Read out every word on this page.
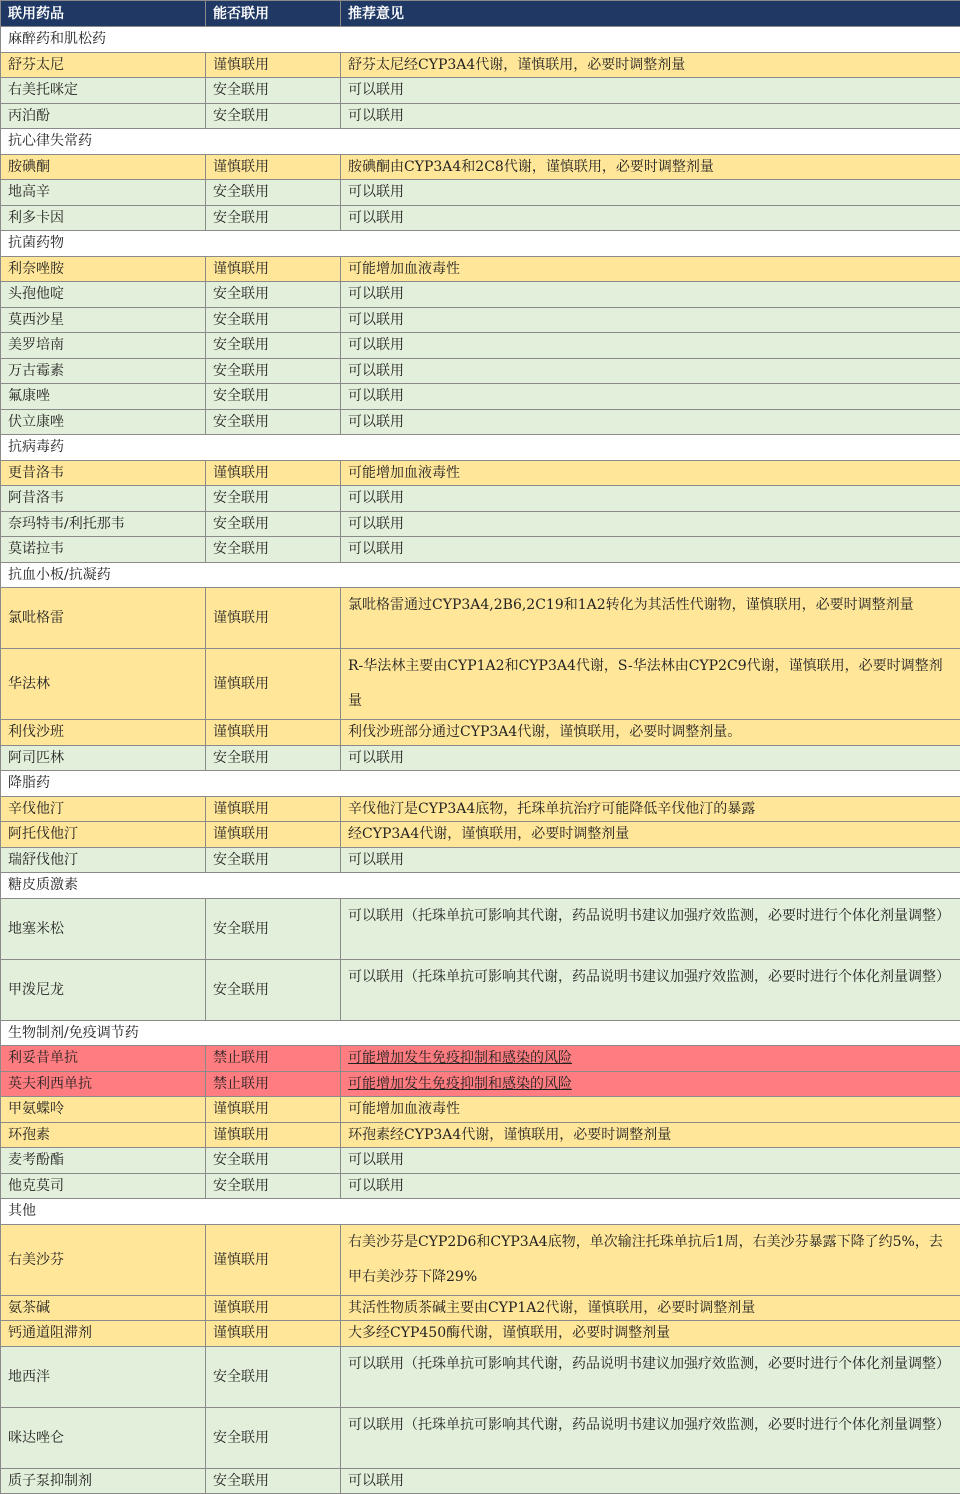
联用药品	能否联用	推荐意见
麻醉药和肌松药		
舒芬太尼	谨慎联用	舒芬太尼经CYP3A4代谢，谨慎联用，必要时调整剂量
右美托咪定	安全联用	可以联用
丙泊酚	安全联用	可以联用
抗心律失常药		
胺碘酮	谨慎联用	胺碘酮由CYP3A4和2C8代谢，谨慎联用，必要时调整剂量
地高辛	安全联用	可以联用
利多卡因	安全联用	可以联用
抗菌药物		
利奈唑胺	谨慎联用	可能增加血液毒性
头孢他啶	安全联用	可以联用
莫西沙星	安全联用	可以联用
美罗培南	安全联用	可以联用
万古霉素	安全联用	可以联用
氟康唑	安全联用	可以联用
伏立康唑	安全联用	可以联用
抗病毒药		
更昔洛韦	谨慎联用	可能增加血液毒性
阿昔洛韦	安全联用	可以联用
奈玛特韦/利托那韦	安全联用	可以联用
莫诺拉韦	安全联用	可以联用
抗血小板/抗凝药		
氯吡格雷	谨慎联用	氯吡格雷通过CYP3A4,2B6,2C19和1A2转化为其活性代谢物，谨慎联用，必要时调整剂量
华法林	谨慎联用	R-华法林主要由CYP1A2和CYP3A4代谢，S-华法林由CYP2C9代谢，谨慎联用，必要时调整剂量
利伐沙班	谨慎联用	利伐沙班部分通过CYP3A4代谢，谨慎联用，必要时调整剂量。
阿司匹林	安全联用	可以联用
降脂药		
辛伐他汀	谨慎联用	辛伐他汀是CYP3A4底物，托珠单抗治疗可能降低辛伐他汀的暴露
阿托伐他汀	谨慎联用	经CYP3A4代谢，谨慎联用，必要时调整剂量
瑞舒伐他汀	安全联用	可以联用
糖皮质激素		
地塞米松	安全联用	可以联用（托珠单抗可影响其代谢，药品说明书建议加强疗效监测，必要时进行个体化剂量调整）
甲泼尼龙	安全联用	可以联用（托珠单抗可影响其代谢，药品说明书建议加强疗效监测，必要时进行个体化剂量调整）
生物制剂/免疫调节药		
利妥昔单抗	禁止联用	可能增加发生免疫抑制和感染的风险
英夫利西单抗	禁止联用	可能增加发生免疫抑制和感染的风险
甲氨蝶呤	谨慎联用	可能增加血液毒性
环孢素	谨慎联用	环孢素经CYP3A4代谢，谨慎联用，必要时调整剂量
麦考酚酯	安全联用	可以联用
他克莫司	安全联用	可以联用
其他		
右美沙芬	谨慎联用	右美沙芬是CYP2D6和CYP3A4底物，单次输注托珠单抗后1周，右美沙芬暴露下降了约5%，去甲右美沙芬下降29%
氨茶碱	谨慎联用	其活性物质茶碱主要由CYP1A2代谢，谨慎联用，必要时调整剂量
钙通道阻滞剂	谨慎联用	大多经CYP450酶代谢，谨慎联用，必要时调整剂量
地西泮	安全联用	可以联用（托珠单抗可影响其代谢，药品说明书建议加强疗效监测，必要时进行个体化剂量调整）
咪达唑仑	安全联用	可以联用（托珠单抗可影响其代谢，药品说明书建议加强疗效监测，必要时进行个体化剂量调整）
质子泵抑制剂	安全联用	可以联用
